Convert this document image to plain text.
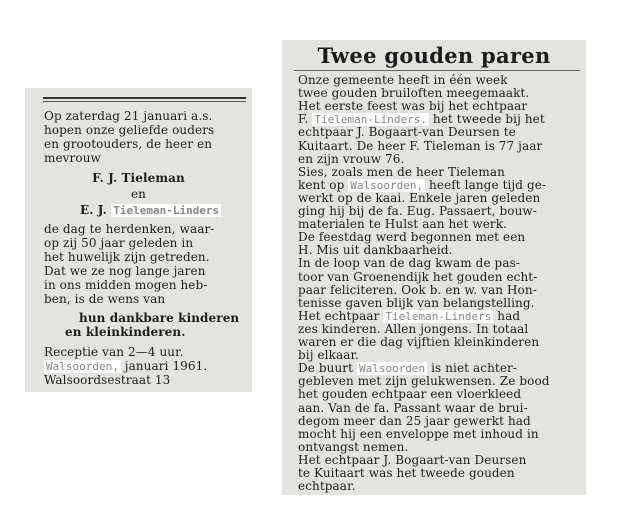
Op zaterdag 21 januari a.s.
hopen onze geliefde ouders
en grootouders, de heer en
mevrouw
F. J. Tieleman
en
E. J. Tieleman-Linders
de dag te herdenken, waar-
op zij 50 jaar geleden in
het huwelijk zijn getreden.
Dat we ze nog lange jaren
in ons midden mogen heb-
ben, is de wens van
hun dankbare kinderen
en kleinkinderen.
Receptie van 2—4 uur.
Walsoorden, januari 1961.
Walsoordsestraat 13
Twee gouden paren
Onze gemeente heeft in één week
twee gouden bruiloften meegemaakt.
Het eerste feest was bij het echtpaar
F. Tieleman-Linders. het tweede bij het
echtpaar J. Bogaart-van Deursen te
Kuitaart. De heer F. Tieleman is 77 jaar
en zijn vrouw 76.
Sies, zoals men de heer Tieleman
kent op Walsoorden, heeft lange tijd ge-
werkt op de kaai. Enkele jaren geleden
ging hij bij de fa. Eug. Passaert, bouw-
materialen te Hulst aan het werk.
De feestdag werd begonnen met een
H. Mis uit dankbaarheid.
In de loop van de dag kwam de pas-
toor van Groenendijk het gouden echt-
paar feliciteren. Ook b. en w. van Hon-
tenisse gaven blijk van belangstelling.
Het echtpaar Tieleman-Linders had
zes kinderen. Allen jongens. In totaal
waren er die dag vijftien kleinkinderen
bij elkaar.
De buurt Walsoorden is niet achter-
gebleven met zijn gelukwensen. Ze bood
het gouden echtpaar een vloerkleed
aan. Van de fa. Passant waar de brui-
degom meer dan 25 jaar gewerkt had
mocht hij een enveloppe met inhoud in
ontvangst nemen.
Het echtpaar J. Bogaart-van Deursen
te Kuitaart was het tweede gouden
echtpaar.
